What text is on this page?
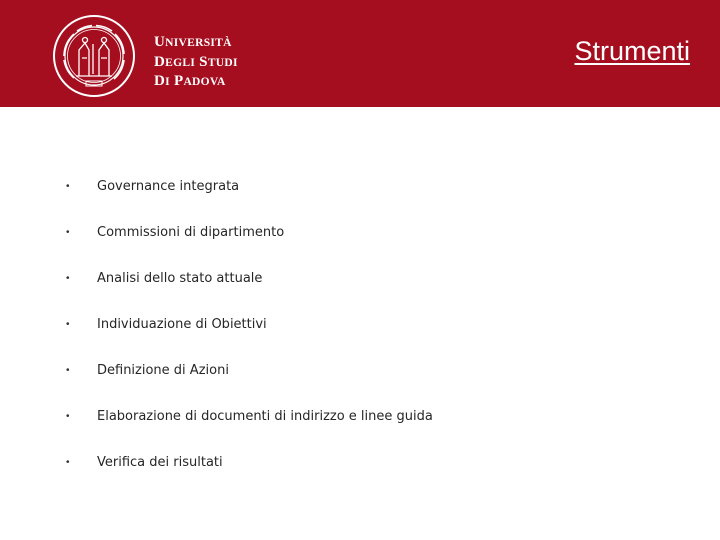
UNIVERSITÀ
DEGLI STUDI
DI PADOVA
Strumenti
•	Governance integrata
•	Commissioni di dipartimento
•	Analisi dello stato attuale
•	Individuazione di Obiettivi
•	Definizione di Azioni
•	Elaborazione di documenti di indirizzo e linee guida
•	Verifica dei risultati
